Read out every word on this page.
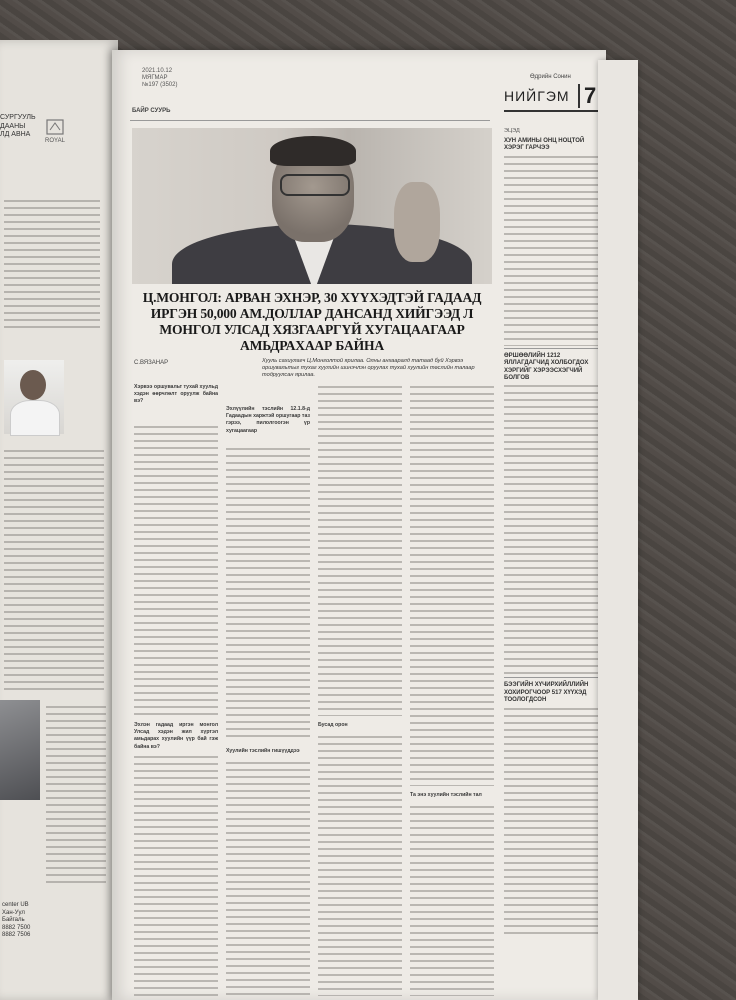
СУРГУУЛЬ
ДААНЫ
ЛД АВНА
ROYAL
center UB
Хан-Уул
Байгаль
8882 7500
8882 7506
2021.10.12
МЯГМАР
№197 (3502)
БАЙР СУУРЬ
Өдрийн Сонин
НИЙГЭМ 7
Ц.МОНГОЛ: АРВАН ЭХНЭР, 30 ХҮҮХЭДТЭЙ ГАДААД ИРГЭН 50,000 АМ.ДОЛЛАР ДАНСАНД ХИЙГЭЭД Л МОНГОЛ УЛСАД ХЯЗГААРГҮЙ ХУГАЦААГААР АМЬДРАХААР БАЙНА
С.ВЯЗАНАР	Хууль сахиулагч Ц.Монголтой ярилаа. Олны анхааралд татаад буй Хэрвээ оршувальтыг тухаг хуулийн шинэчлэн оруулах тухай хуулийн төслийн талаар тодруулсан ярилаа.
Хэрвээ оршувальт тухай хуульд хэдэн өөрчлөлт оруулж байна вэ?
Эхлэн гадаад иргэн монгол Улсад хэдэн жил хүртэл амьдарах хуулийн үүр бай гэж байна вэ?
Эхлүүлийн тэслийн 12.1.8-д Гадаадын харжтэй оршугаар таз гэрээ, пилолгоогэн үр хугацаагаар
Хуулийн тэслийн гишүүддээ
Бусад орон
Та энэ хуулийн тэслийн тал
ЭЦЭД
ХУН АМИНЫ ОНЦ НОЦТОЙ ХЭРЭГ ГАРЧЭЭ
ӨРШӨӨЛИЙН 1212 ЯЛЛАГДАГЧИД ХОЛБОГДОХ ХЭРГИЙГ ХЭРЭЭСХЭГЧИЙ БОЛГОВ
БЭЭГИЙН ХҮЧИРХИЙЛЛИЙН ХОХИРОГЧООР 517 ХҮҮХЭД ТООЛОГДСОН
